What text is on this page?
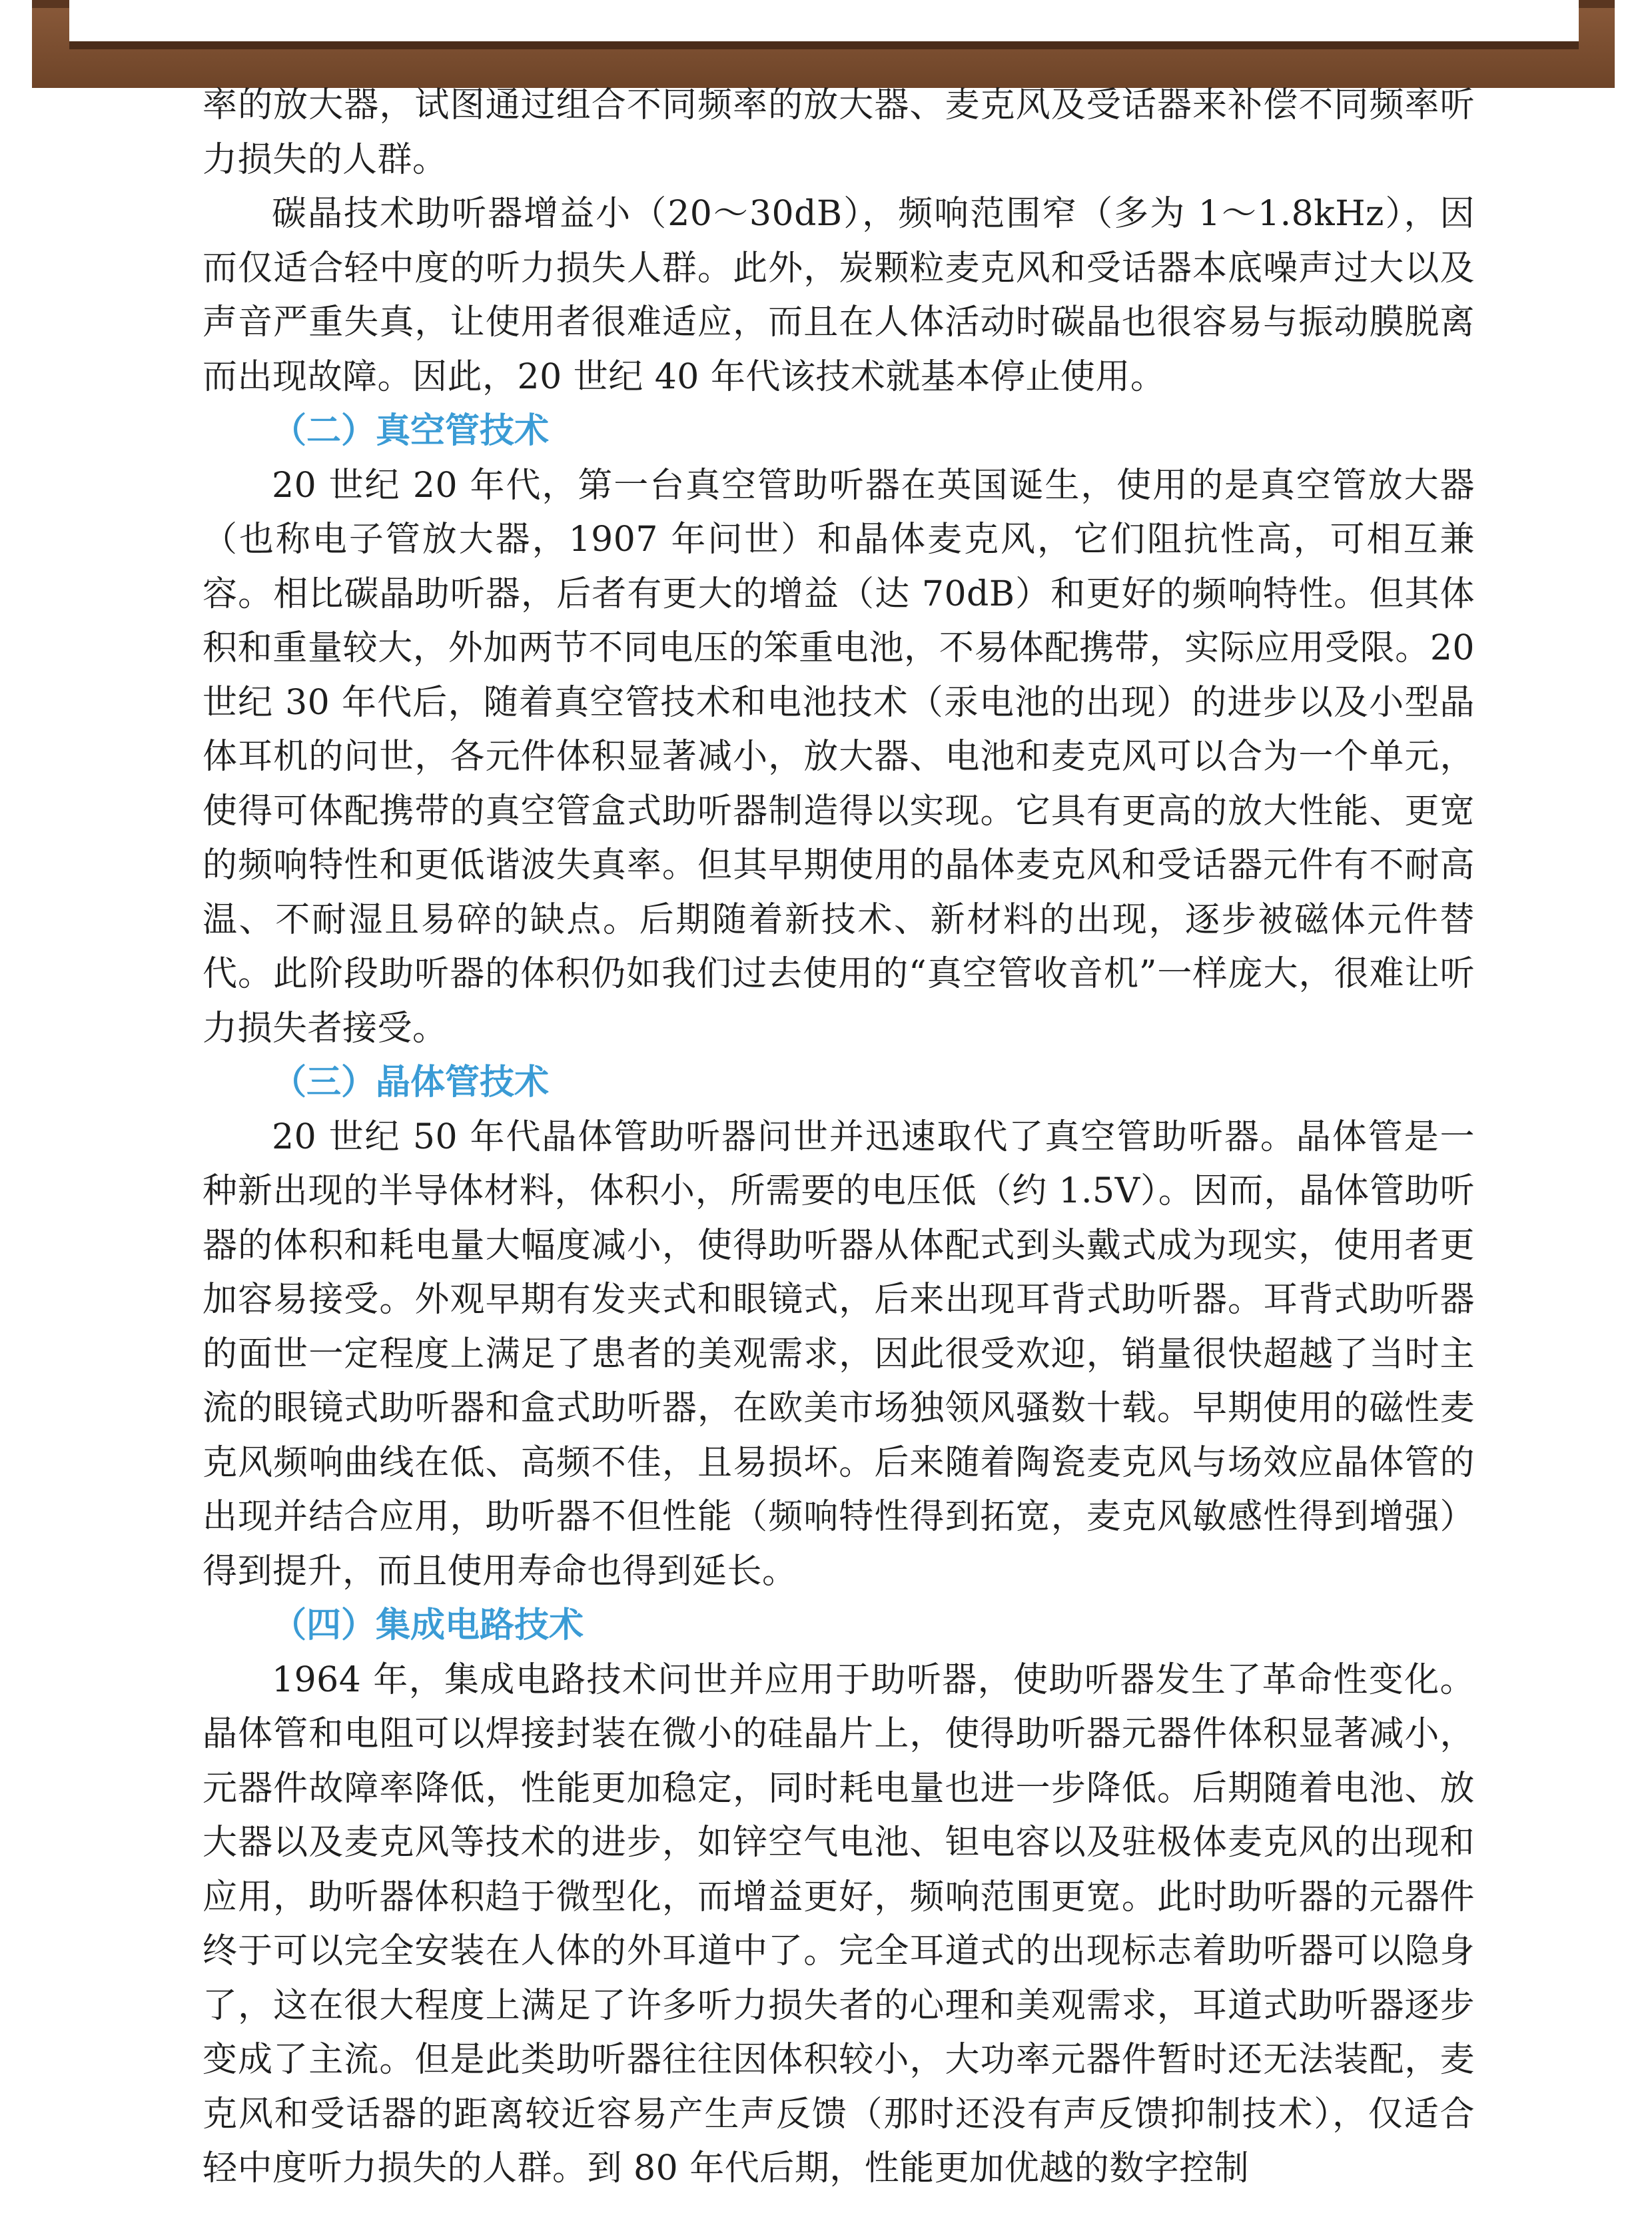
率的放大器，试图通过组合不同频率的放大器、麦克风及受话器来补偿不同频率听力损失的人群。

碳晶技术助听器增益小（20～30dB），频响范围窄（多为 1～1.8kHz），因而仅适合轻中度的听力损失人群。此外，炭颗粒麦克风和受话器本底噪声过大以及声音严重失真，让使用者很难适应，而且在人体活动时碳晶也很容易与振动膜脱离而出现故障。因此，20 世纪 40 年代该技术就基本停止使用。

（二）真空管技术

20 世纪 20 年代，第一台真空管助听器在英国诞生，使用的是真空管放大器（也称电子管放大器，1907 年问世）和晶体麦克风，它们阻抗性高，可相互兼容。相比碳晶助听器，后者有更大的增益（达 70dB）和更好的频响特性。但其体积和重量较大，外加两节不同电压的笨重电池，不易体配携带，实际应用受限。20 世纪 30 年代后，随着真空管技术和电池技术（汞电池的出现）的进步以及小型晶体耳机的问世，各元件体积显著减小，放大器、电池和麦克风可以合为一个单元，使得可体配携带的真空管盒式助听器制造得以实现。它具有更高的放大性能、更宽的频响特性和更低谐波失真率。但其早期使用的晶体麦克风和受话器元件有不耐高温、不耐湿且易碎的缺点。后期随着新技术、新材料的出现，逐步被磁体元件替代。此阶段助听器的体积仍如我们过去使用的“真空管收音机”一样庞大，很难让听力损失者接受。

（三）晶体管技术

20 世纪 50 年代晶体管助听器问世并迅速取代了真空管助听器。晶体管是一种新出现的半导体材料，体积小，所需要的电压低（约 1.5V）。因而，晶体管助听器的体积和耗电量大幅度减小，使得助听器从体配式到头戴式成为现实，使用者更加容易接受。外观早期有发夹式和眼镜式，后来出现耳背式助听器。耳背式助听器的面世一定程度上满足了患者的美观需求，因此很受欢迎，销量很快超越了当时主流的眼镜式助听器和盒式助听器，在欧美市场独领风骚数十载。早期使用的磁性麦克风频响曲线在低、高频不佳，且易损坏。后来随着陶瓷麦克风与场效应晶体管的出现并结合应用，助听器不但性能（频响特性得到拓宽，麦克风敏感性得到增强）得到提升，而且使用寿命也得到延长。

（四）集成电路技术

1964 年，集成电路技术问世并应用于助听器，使助听器发生了革命性变化。晶体管和电阻可以焊接封装在微小的硅晶片上，使得助听器元器件体积显著减小，元器件故障率降低，性能更加稳定，同时耗电量也进一步降低。后期随着电池、放大器以及麦克风等技术的进步，如锌空气电池、钽电容以及驻极体麦克风的出现和应用，助听器体积趋于微型化，而增益更好，频响范围更宽。此时助听器的元器件终于可以完全安装在人体的外耳道中了。完全耳道式的出现标志着助听器可以隐身了，这在很大程度上满足了许多听力损失者的心理和美观需求，耳道式助听器逐步变成了主流。但是此类助听器往往因体积较小，大功率元器件暂时还无法装配，麦克风和受话器的距离较近容易产生声反馈（那时还没有声反馈抑制技术），仅适合轻中度听力损失的人群。到 80 年代后期，性能更加优越的数字控制
